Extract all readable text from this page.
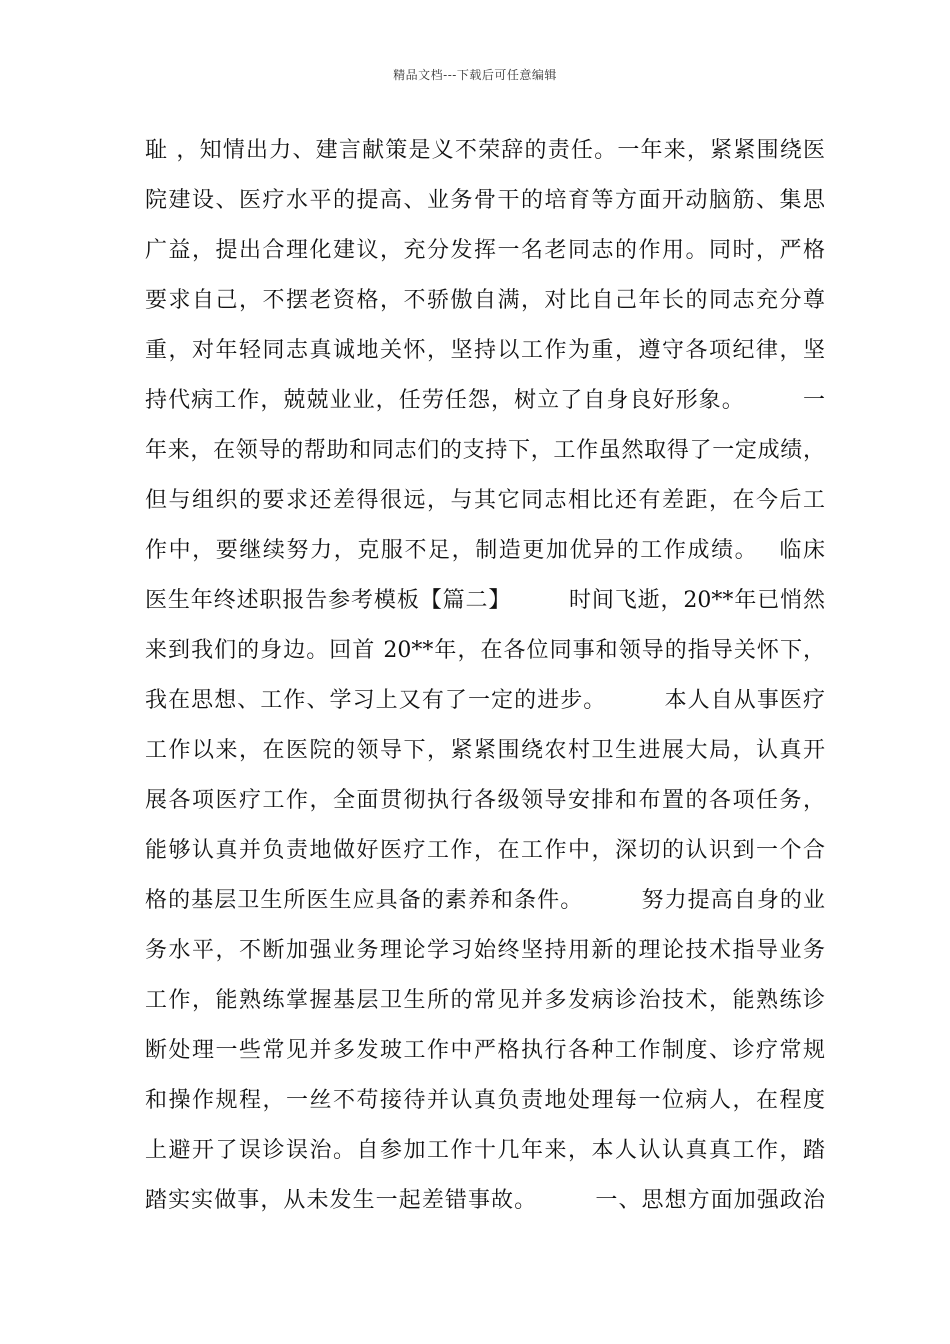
精品文档---下载后可任意编辑
耻 ，知情出力、建言献策是义不荣辞的责任。一年来，紧紧围绕医
院建设、医疗水平的提高、业务骨干的培育等方面开动脑筋、集思
广益，提出合理化建议，充分发挥一名老同志的作用。同时，严格
要求自己，不摆老资格，不骄傲自满，对比自己年长的同志充分尊
重，对年轻同志真诚地关怀，坚持以工作为重，遵守各项纪律，坚
持代病工作，兢兢业业，任劳任怨，树立了自身良好形象。　　　一
年来，在领导的帮助和同志们的支持下，工作虽然取得了一定成绩，
但与组织的要求还差得很远，与其它同志相比还有差距，在今后工
作中，要继续努力，克服不足，制造更加优异的工作成绩。　 临床
医生年终述职报告参考模板【篇二】　　　时间飞逝，20**年已悄然
来到我们的身边。回首 20**年，在各位同事和领导的指导关怀下，
我在思想、工作、学习上又有了一定的进步。　　　本人自从事医疗
工作以来，在医院的领导下，紧紧围绕农村卫生进展大局，认真开
展各项医疗工作，全面贯彻执行各级领导安排和布置的各项任务，
能够认真并负责地做好医疗工作，在工作中，深切的认识到一个合
格的基层卫生所医生应具备的素养和条件。　　　努力提高自身的业
务水平，不断加强业务理论学习始终坚持用新的理论技术指导业务
工作，能熟练掌握基层卫生所的常见并多发病诊治技术，能熟练诊
断处理一些常见并多发玻工作中严格执行各种工作制度、诊疗常规
和操作规程，一丝不苟接待并认真负责地处理每一位病人，在程度
上避开了误诊误治。自参加工作十几年来，本人认认真真工作，踏
踏实实做事，从未发生一起差错事故。　　　一、思想方面加强政治
